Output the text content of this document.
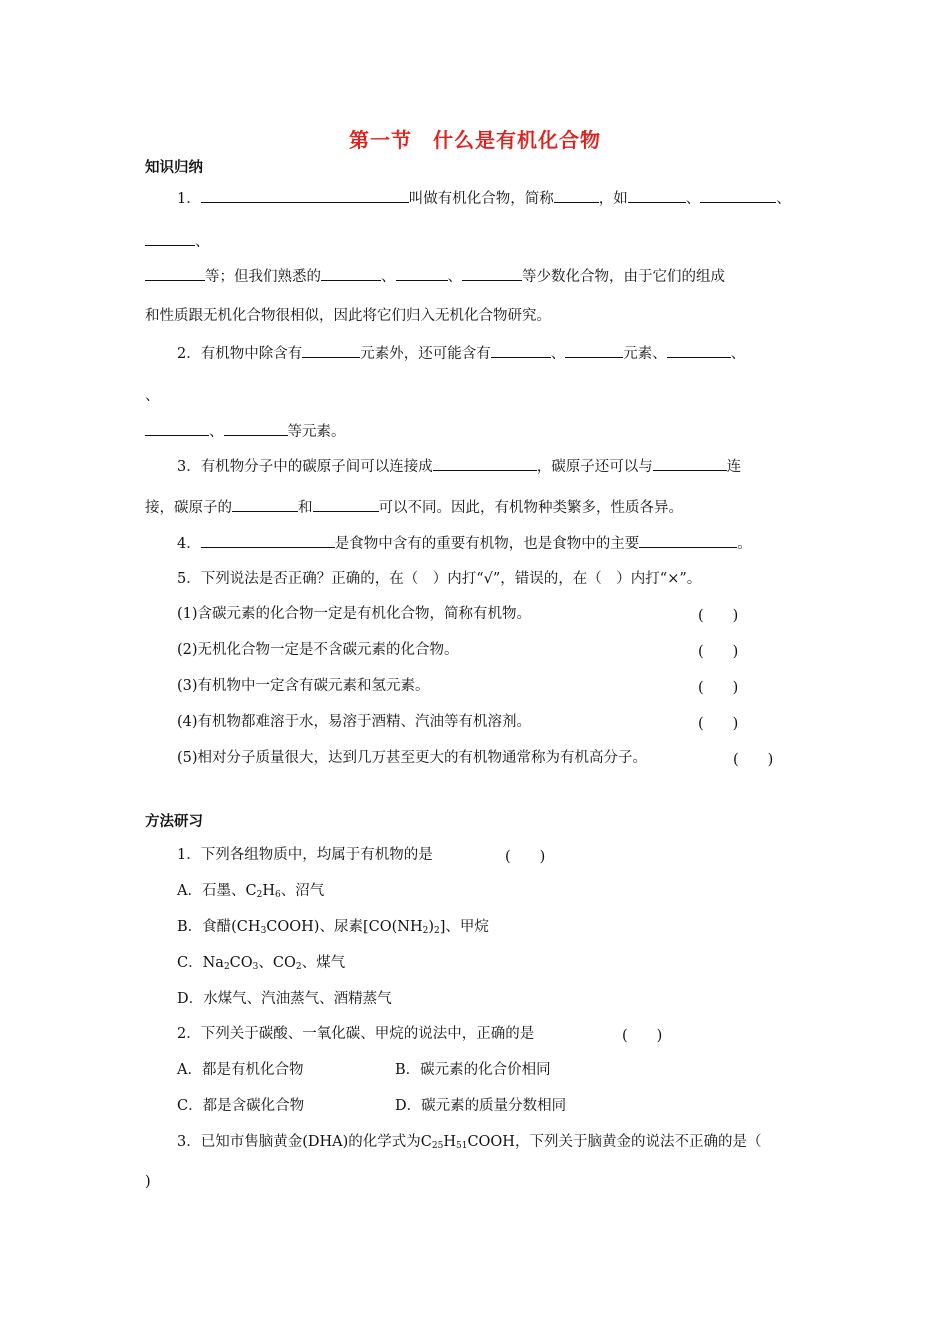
第一节　什么是有机化合物
知识归纳
1．	叫做有机化合物，简称	，如	、	、
、
等；但我们熟悉的	、	、	等少数化合物，由于它们的组成
和性质跟无机化合物很相似，因此将它们归入无机化合物研究。
2．有机物中除含有	元素外，还可能含有	、	元素、	、
、
、	等元素。
3．有机物分子中的碳原子间可以连接成	，碳原子还可以与	连
接，碳原子的	和	可以不同。因此，有机物种类繁多，性质各异。
4．	是食物中含有的重要有机物，也是食物中的主要	。
5．下列说法是否正确？正确的，在（　）内打“√”，错误的，在（　）内打“×”。
(1)含碳元素的化合物一定是有机化合物，简称有机物。	(　　)
(2)无机化合物一定是不含碳元素的化合物。	(　　)
(3)有机物中一定含有碳元素和氢元素。	(　　)
(4)有机物都难溶于水，易溶于酒精、汽油等有机溶剂。	(　　)
(5)相对分子质量很大，达到几万甚至更大的有机物通常称为有机高分子。	(　　)
方法研习
1．下列各组物质中，均属于有机物的是	(　　)
A．石墨、$C_2H_6$、沼气
B．食醋$(CH_3COOH)$、尿素$[CO(NH_2)_2]$、甲烷
C．$Na_2CO_3$、$CO_2$、煤气
D．水煤气、汽油蒸气、酒精蒸气
2．下列关于碳酸、一氧化碳、甲烷的说法中，正确的是	(　　)
A．都是有机化合物	B．碳元素的化合价相同
C．都是含碳化合物	D．碳元素的质量分数相同
3．已知市售脑黄金(DHA)的化学式为$C_{25}H_{51}COOH$，下列关于脑黄金的说法不正确的是（
)
